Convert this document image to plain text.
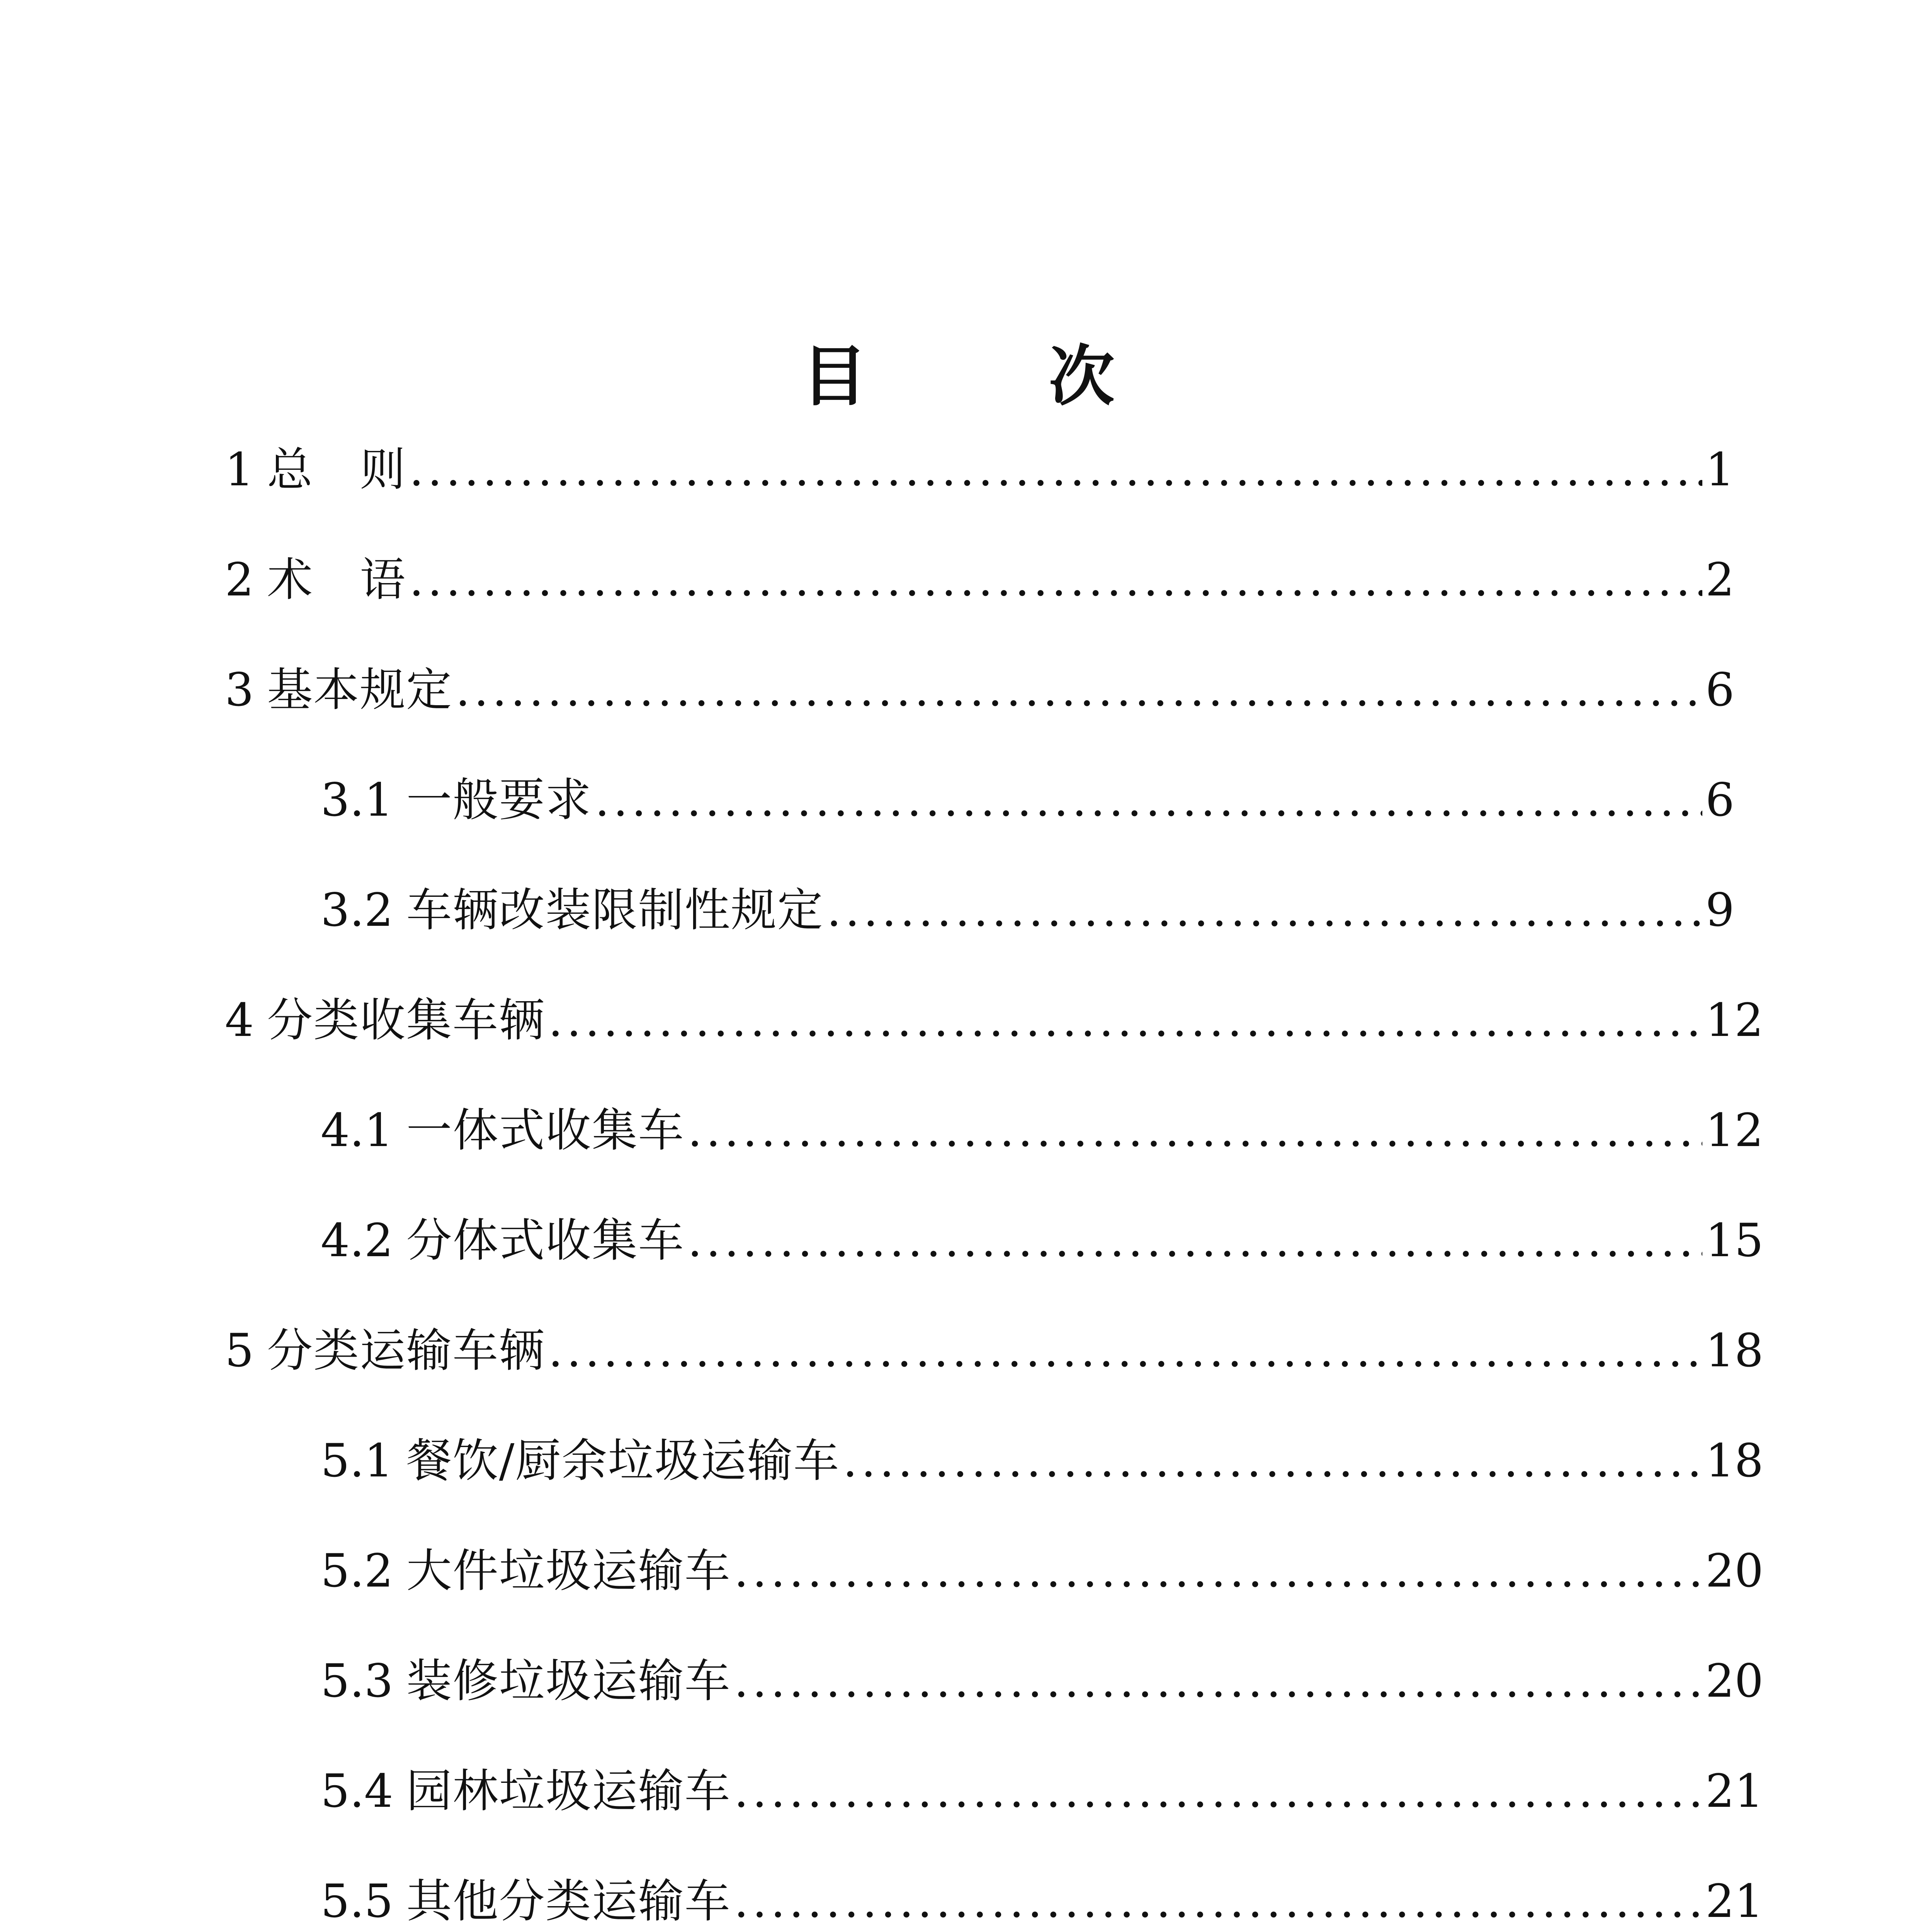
目　次
1 总　则 .....	1
2 术　语 .....	2
3 基本规定 .....	6
3.1 一般要求 .....	6
3.2 车辆改装限制性规定 .....	9
4 分类收集车辆 .....	12
4.1 一体式收集车 .....	12
4.2 分体式收集车 .....	15
5 分类运输车辆 .....	18
5.1 餐饮/厨余垃圾运输车 .....	18
5.2 大件垃圾运输车 .....	20
5.3 装修垃圾运输车 .....	20
5.4 园林垃圾运输车 .....	21
5.5 其他分类运输车 .....	21
